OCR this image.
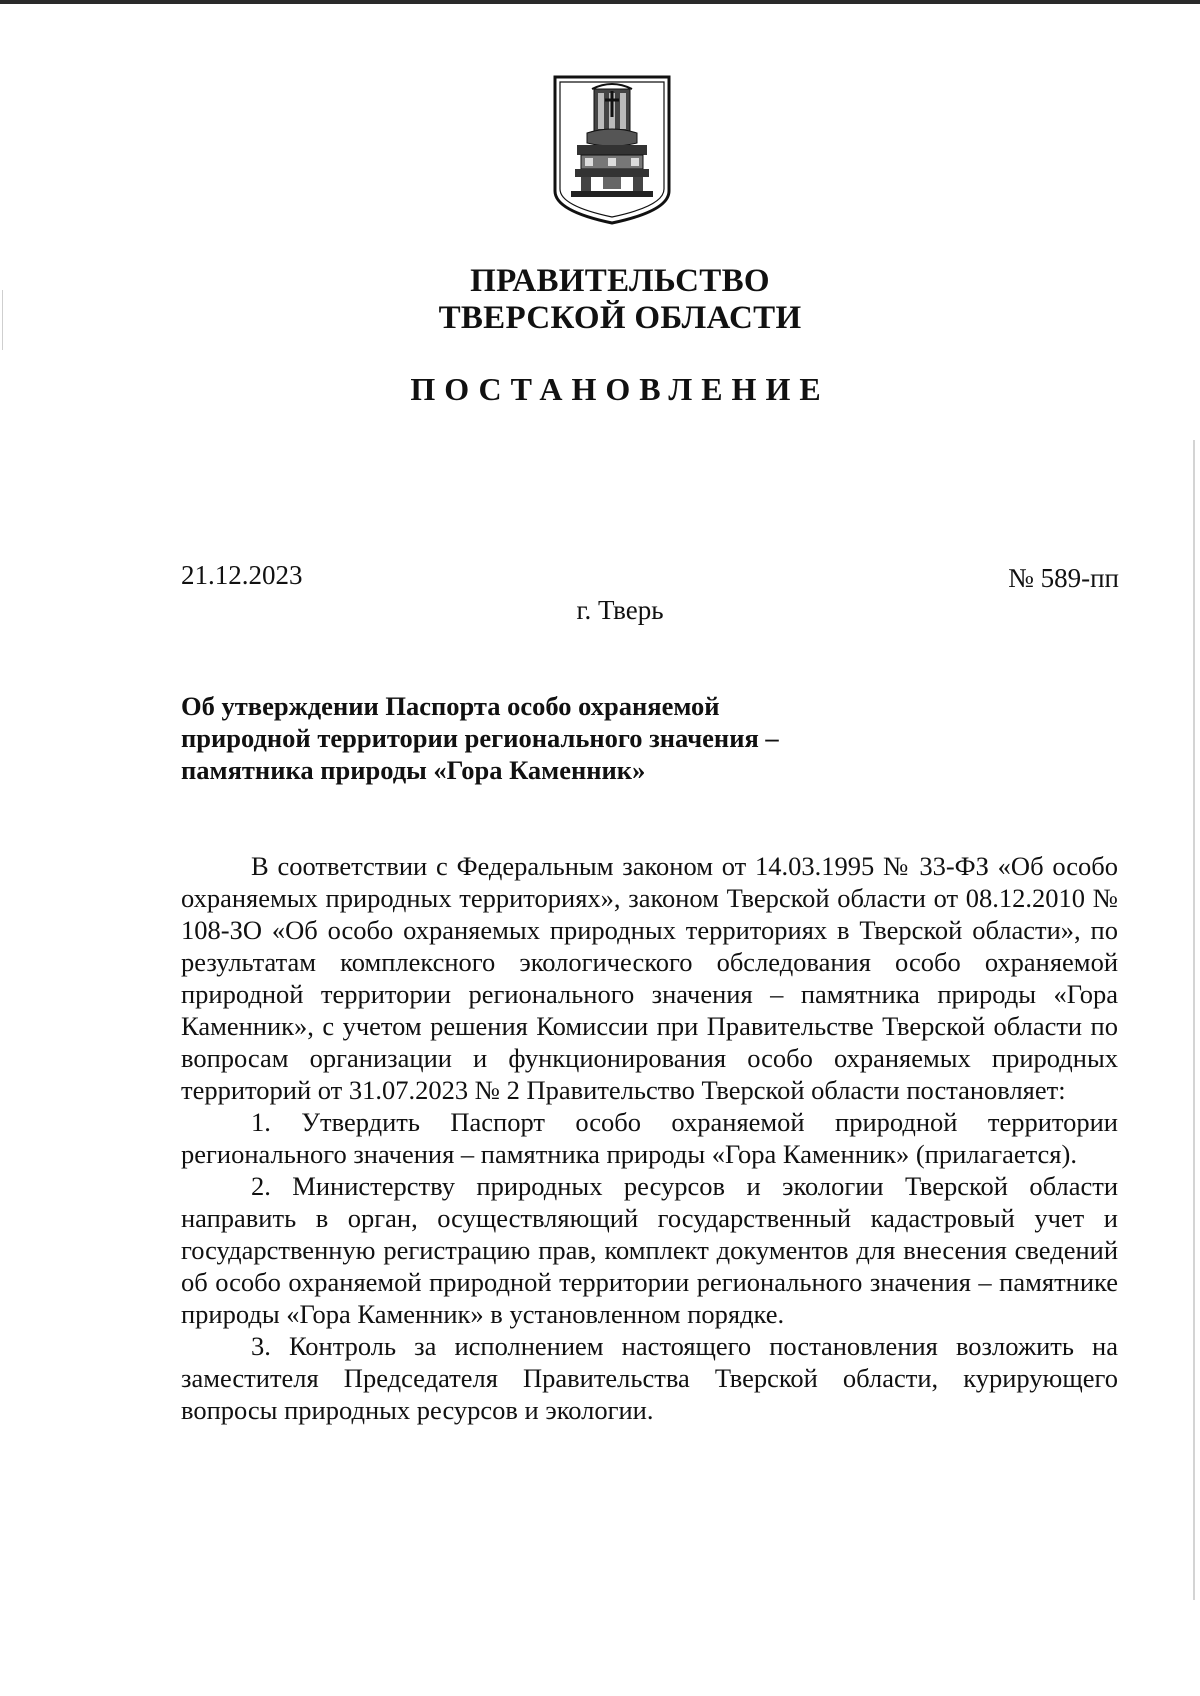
ПРАВИТЕЛЬСТВО
ТВЕРСКОЙ ОБЛАСТИ
ПОСТАНОВЛЕНИЕ
21.12.2023	№ 589-пп
г. Тверь
Об утверждении Паспорта особо охраняемой
природной территории регионального значения –
памятника природы «Гора Каменник»

В соответствии с Федеральным законом от 14.03.1995 № 33-ФЗ «Об особо охраняемых природных территориях», законом Тверской области от 08.12.2010 № 108-ЗО «Об особо охраняемых природных территориях в Тверской области», по результатам комплексного экологического обследования особо охраняемой природной территории регионального значения – памятника природы «Гора Каменник», с учетом решения Комиссии при Правительстве Тверской области по вопросам организации и функционирования особо охраняемых природных территорий от 31.07.2023 № 2 Правительство Тверской области постановляет:

1. Утвердить Паспорт особо охраняемой природной территории регионального значения – памятника природы «Гора Каменник» (прилагается).

2. Министерству природных ресурсов и экологии Тверской области направить в орган, осуществляющий государственный кадастровый учет и государственную регистрацию прав, комплект документов для внесения сведений об особо охраняемой природной территории регионального значения – памятнике природы «Гора Каменник» в установленном порядке.

3. Контроль за исполнением настоящего постановления возложить на заместителя Председателя Правительства Тверской области, курирующего вопросы природных ресурсов и экологии.
